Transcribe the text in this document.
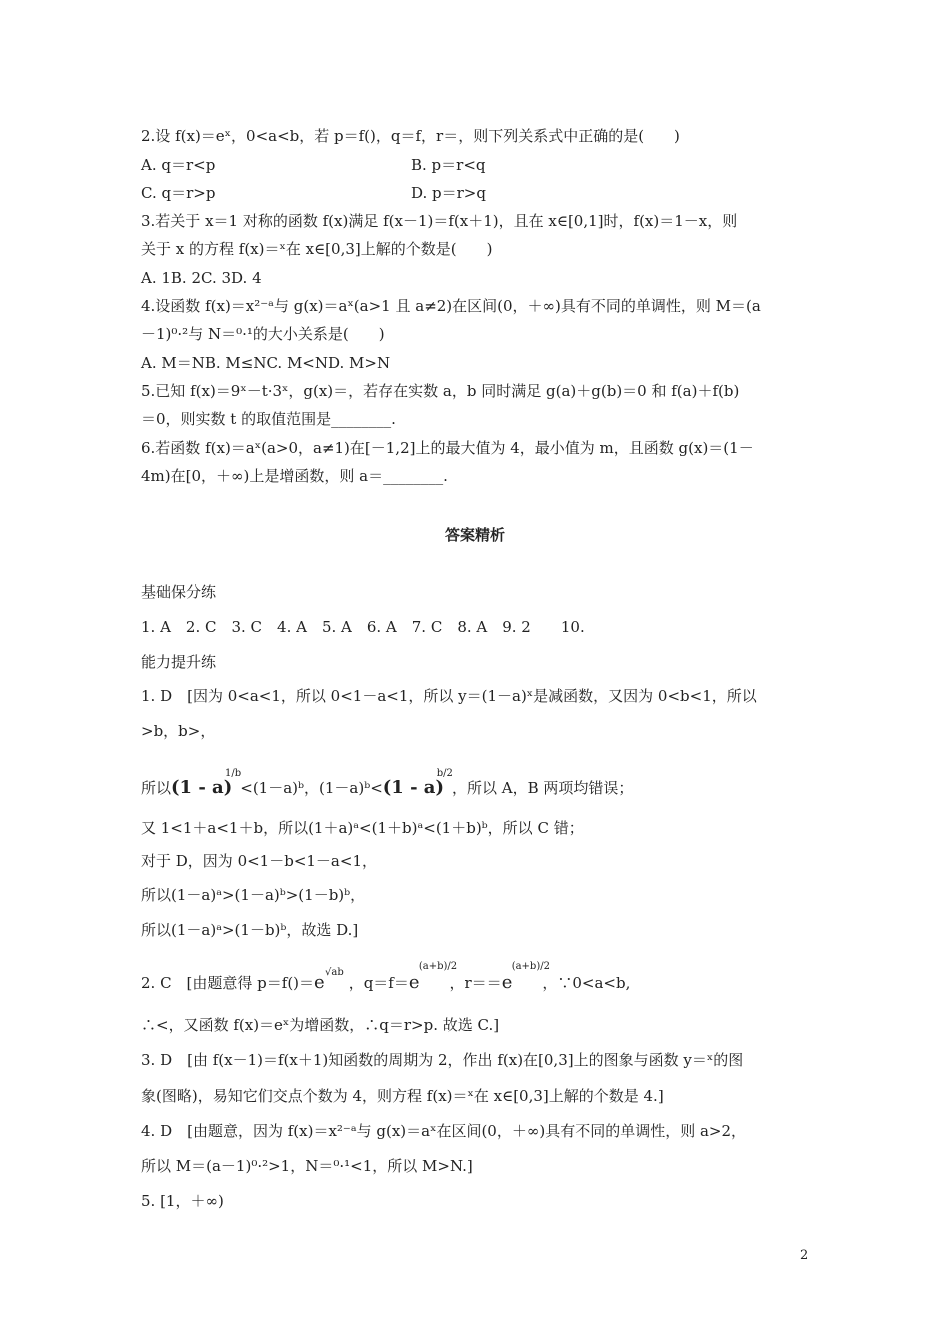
2.设 f(x)＝eˣ，0<a<b，若 p＝f()，q＝f，r＝，则下列关系式中正确的是(　　)
A. q＝r<p	B. p＝r<q
C. q＝r>p	D. p＝r>q
3.若关于 x＝1 对称的函数 f(x)满足 f(x－1)＝f(x＋1)，且在 x∈[0,1]时，f(x)＝1－x，则
关于 x 的方程 f(x)＝ˣ在 x∈[0,3]上解的个数是(　　)
A. 1B. 2C. 3D. 4
4.设函数 f(x)＝x²⁻ᵃ与 g(x)＝aˣ(a>1 且 a≠2)在区间(0，＋∞)具有不同的单调性，则 M＝(a
－1)⁰·²与 N＝⁰·¹的大小关系是(　　)
A. M＝NB. M≤NC. M<ND. M>N
5.已知 f(x)＝9ˣ－t·3ˣ，g(x)＝，若存在实数 a，b 同时满足 g(a)＋g(b)＝0 和 f(a)＋f(b)
＝0，则实数 t 的取值范围是________.
6.若函数 f(x)＝aˣ(a>0，a≠1)在[－1,2]上的最大值为 4，最小值为 m，且函数 g(x)＝(1－
4m)在[0，＋∞)上是增函数，则 a＝________.
答案精析
基础保分练
1. A　2. C　3. C　4. A　5. A　6. A　7. C　8. A　9. 2　　10.
能力提升练
1. D　[因为 0<a<1，所以 0<1－a<1，所以 y＝(1－a)ˣ是减函数，又因为 0<b<1，所以
>b，b>，
所以(1 - a)
1/b
<(1－a)ᵇ，(1－a)ᵇ<(1 - a)
b/2
，所以 A，B 两项均错误；
又 1<1＋a<1＋b，所以(1＋a)ᵃ<(1＋b)ᵃ<(1＋b)ᵇ，所以 C 错；
对于 D，因为 0<1－b<1－a<1，
所以(1－a)ᵃ>(1－a)ᵇ>(1－b)ᵇ，
所以(1－a)ᵃ>(1－b)ᵇ，故选 D.]
2. C　[由题意得 p＝f()＝e √ab
，q＝f＝e
(a+b)/2
，r＝＝e
(a+b)/2
，∵0<a<b,
∴<，又函数 f(x)＝eˣ为增函数，∴q＝r>p. 故选 C.]
3. D　[由 f(x－1)＝f(x＋1)知函数的周期为 2，作出 f(x)在[0,3]上的图象与函数 y＝ˣ的图
象(图略)，易知它们交点个数为 4，则方程 f(x)＝ˣ在 x∈[0,3]上解的个数是 4.]
4. D　[由题意，因为 f(x)＝x²⁻ᵃ与 g(x)＝aˣ在区间(0，＋∞)具有不同的单调性，则 a>2，
所以 M＝(a－1)⁰·²>1，N＝⁰·¹<1，所以 M>N.]
5. [1，＋∞)
2
